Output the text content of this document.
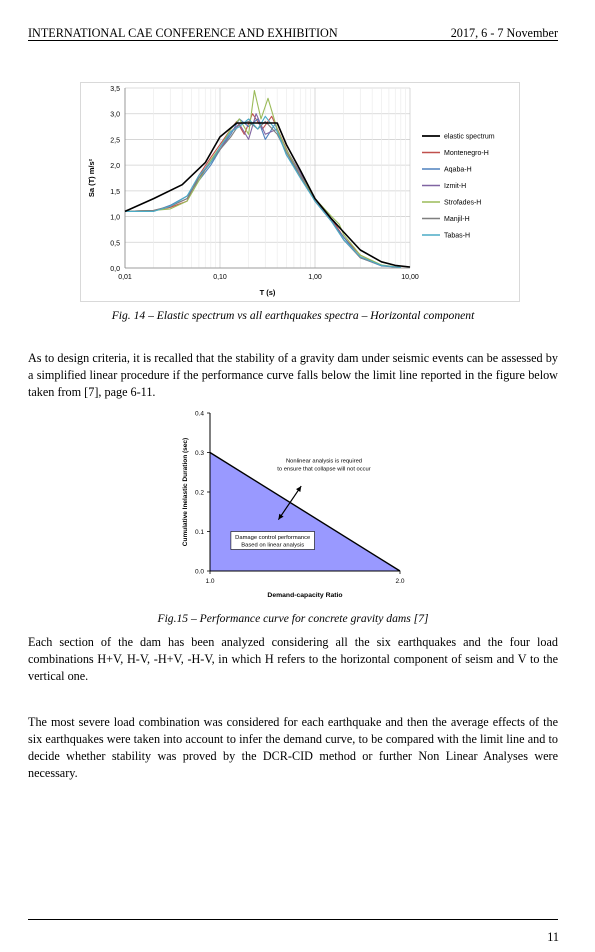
INTERNATIONAL CAE CONFERENCE AND EXHIBITION	2017, 6 - 7 November
0,0
0,5
1,0
1,5
2,0
2,5
3,0
3,5
0,01	0,10	1,00	10,00
T (s)
Sa (T) m/s²
elastic spectrum
Montenegro-H
Aqaba-H
Izmit-H
Strofades-H
Manjil-H
Tabas-H
Fig. 14 – Elastic spectrum vs all earthquakes spectra – Horizontal component

As to design criteria, it is recalled that the stability of a gravity dam under seismic events can be assessed by a simplified linear procedure if the performance curve falls below the limit line reported in the figure below taken from [7], page 6-11.

0.0
0.1
0.2
0.3
0.4
1.0	2.0
Demand-capacity Ratio
Cumulative Inelastic Duration (sec)	Nonlinear analysis is required to ensure that collapse will not occur
Damage control performance Based on linear analysis
Fig.15 – Performance curve for concrete gravity dams [7]

Each section of the dam has been analyzed considering all the six earthquakes and the four load combinations H+V, H-V, -H+V, -H-V, in which H refers to the horizontal component of seism and V to the vertical one.

The most severe load combination was considered for each earthquake and then the average effects of the six earthquakes were taken into account to infer the demand curve, to be compared with the limit line and to decide whether stability was proved by the DCR-CID method or further Non Linear Analyses were necessary.

11
